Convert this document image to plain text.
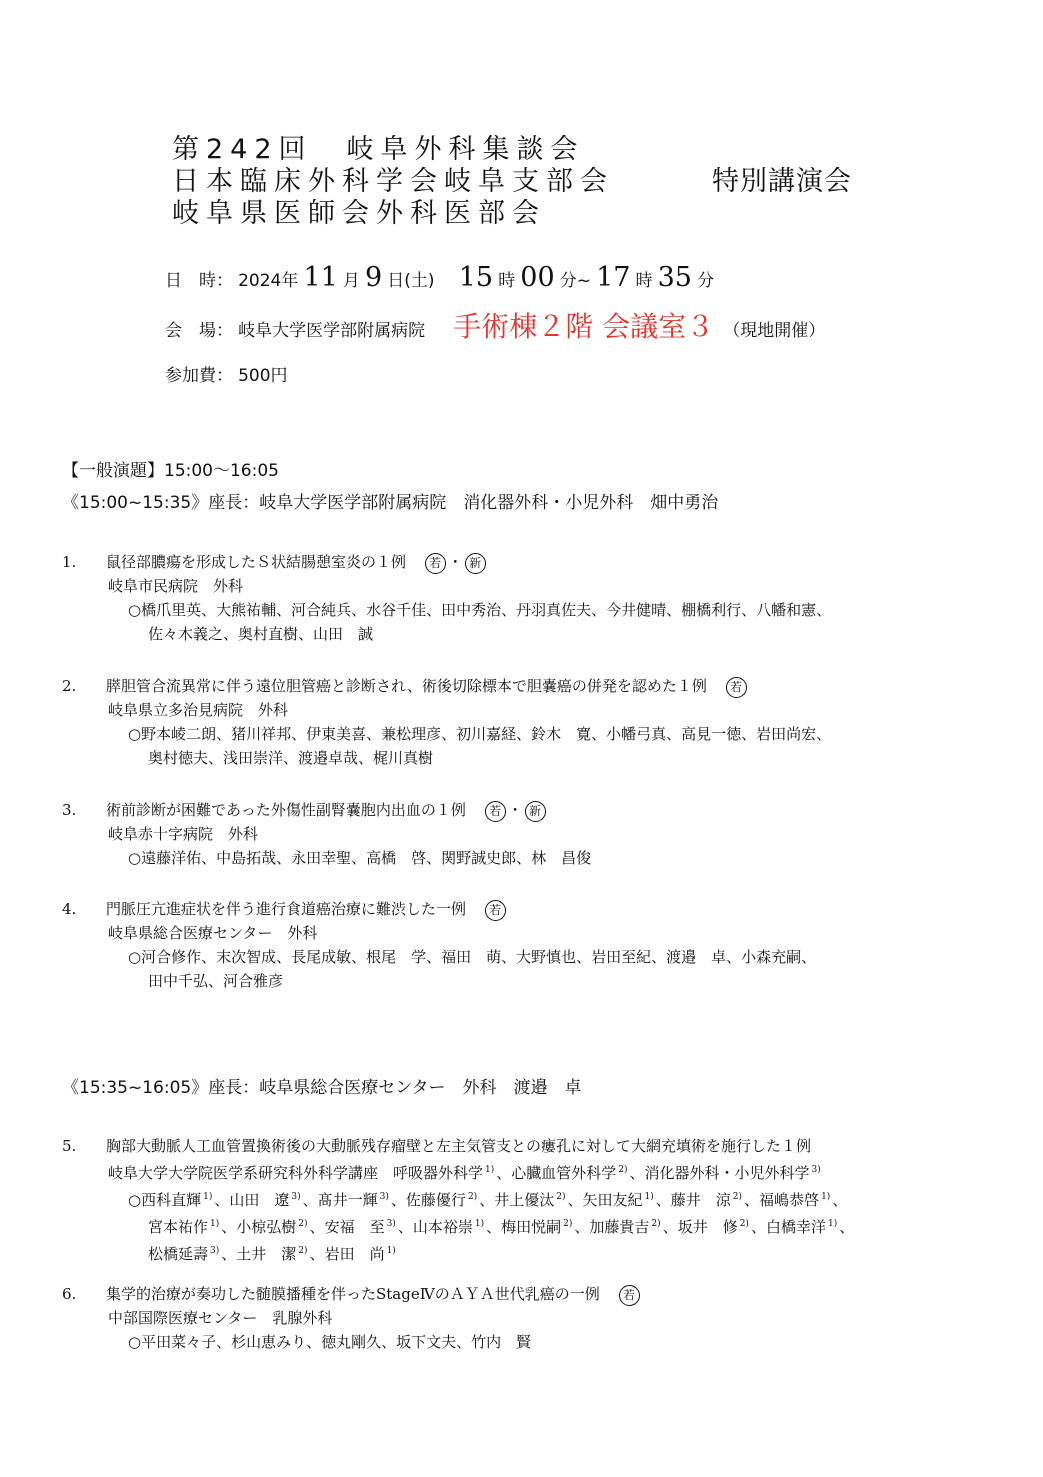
第242回　岐阜外科集談会
日本臨床外科学会岐阜支部会	特別講演会
岐阜県医師会外科医部会
日　時： 2024年 11 月 9 日(土) 15 時 00 分~ 17 時 35 分
会　場： 岐阜大学医学部附属病院 手術棟２階 会議室３ （現地開催）
参加費： 500円
【一般演題】15:00〜16:05
《15:00~15:35》座長：岐阜大学医学部附属病院　消化器外科・小児外科　畑中勇治
1. 鼠径部膿瘍を形成したＳ状結腸憩室炎の１例 若 ・ 新
岐阜市民病院　外科
○橋爪里英、大熊祐輔、河合純兵、水谷千佳、田中秀治、丹羽真佐夫、今井健晴、棚橋利行、八幡和憲、
佐々木義之、奥村直樹、山田　誠
2. 膵胆管合流異常に伴う遠位胆管癌と診断され、術後切除標本で胆嚢癌の併発を認めた１例 若
岐阜県立多治見病院　外科
○野本崚二朗、猪川祥邦、伊東美喜、兼松理彦、初川嘉経、鈴木　寛、小幡弓真、高見一徳、岩田尚宏、
奥村徳夫、浅田崇洋、渡邉卓哉、梶川真樹
3. 術前診断が困難であった外傷性副腎嚢胞内出血の１例 若 ・ 新
岐阜赤十字病院　外科
○遠藤洋佑、中島拓哉、永田幸聖、高橋　啓、関野誠史郎、林　昌俊
4. 門脈圧亢進症状を伴う進行食道癌治療に難渋した一例 若
岐阜県総合医療センター　外科
○河合修作、末次智成、長尾成敏、根尾　学、福田　萌、大野慎也、岩田至紀、渡邉　卓、小森充嗣、
田中千弘、河合雅彦
《15:35~16:05》座長：岐阜県総合医療センター　外科　渡邉　卓
5. 胸部大動脈人工血管置換術後の大動脈残存瘤壁と左主気管支との瘻孔に対して大網充填術を施行した１例
岐阜大学大学院医学系研究科外科学講座　呼吸器外科学 $^{1)}$ 、心臓血管外科学 $^{2)}$ 、消化器外科・小児外科学 $^{3)}$
○西科直輝 $^{1)}$ 、山田　遼 $^{3)}$ 、髙井一輝 $^{3)}$ 、佐藤優行 $^{2)}$ 、井上優汰 $^{2)}$ 、矢田友紀 $^{1)}$ 、藤井　涼 $^{2)}$ 、福嶋恭啓 $^{1)}$ 、
宮本祐作 $^{1)}$ 、小椋弘樹 $^{2)}$ 、安福　至 $^{3)}$ 、山本裕崇 $^{1)}$ 、梅田悦嗣 $^{2)}$ 、加藤貴吉 $^{2)}$ 、坂井　修 $^{2)}$ 、白橋幸洋 $^{1)}$ 、
松橋延壽 $^{3)}$ 、土井　潔 $^{2)}$ 、岩田　尚 $^{1)}$
6. 集学的治療が奏功した髄膜播種を伴ったStageⅣのＡＹＡ世代乳癌の一例 若
中部国際医療センター　乳腺外科
○平田菜々子、杉山恵みり、徳丸剛久、坂下文夫、竹内　賢
